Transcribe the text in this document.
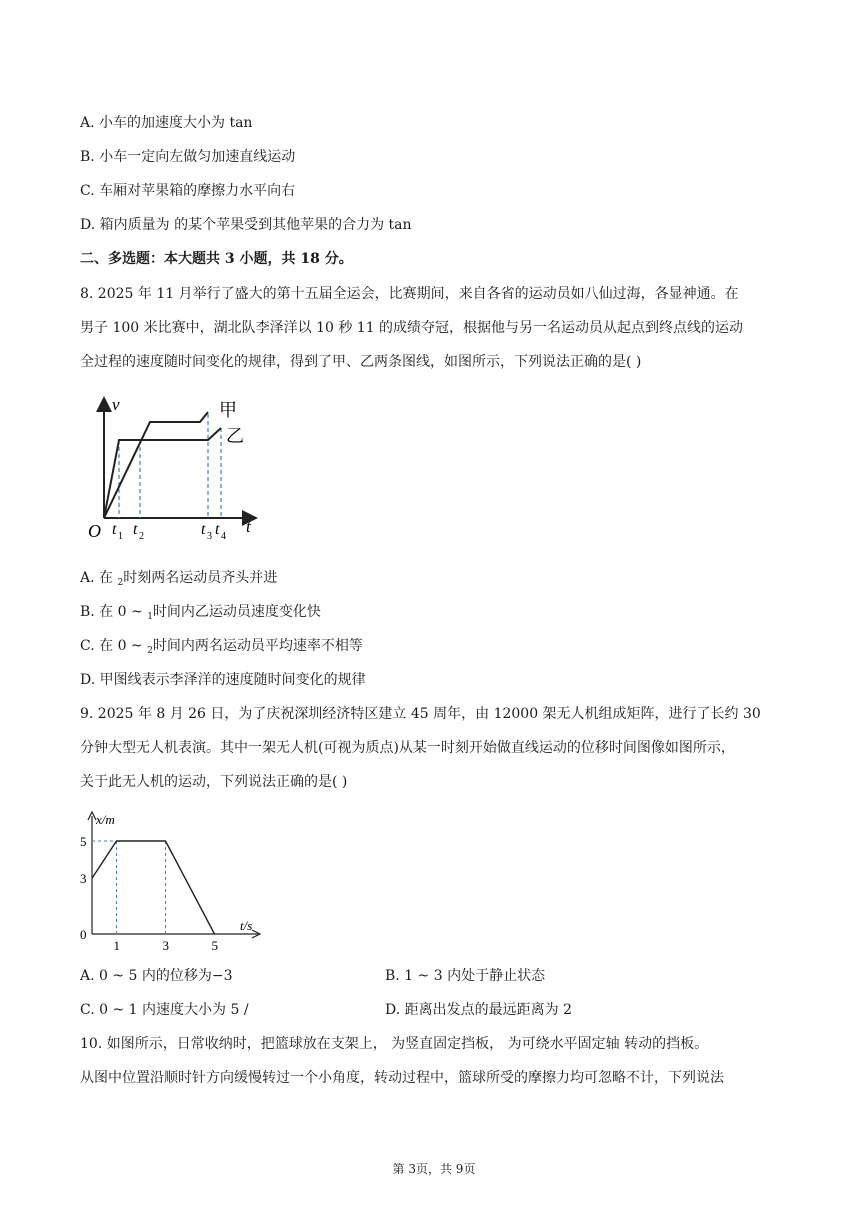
A. 小车的加速度大小为 tan
B. 小车一定向左做匀加速直线运动
C. 车厢对苹果箱的摩擦力水平向右
D. 箱内质量为 的某个苹果受到其他苹果的合力为 tan
二、多选题：本大题共 3 小题，共 18 分。
8. 2025 年 11 月举行了盛大的第十五届全运会，比赛期间，来自各省的运动员如八仙过海，各显神通。在
男子 100 米比赛中，湖北队李泽洋以 10 秒 11 的成绩夺冠，根据他与另一名运动员从起点到终点线的运动
全过程的速度随时间变化的规律，得到了甲、乙两条图线，如图所示，下列说法正确的是( )
v
t
O t 1 t 2	t 3 t 4
甲
乙
A. 在 $_2$时刻两名运动员齐头并进
B. 在 0 ~ $_1$时间内乙运动员速度变化快
C. 在 0 ~ $_2$时间内两名运动员平均速率不相等
D. 甲图线表示李泽洋的速度随时间变化的规律
9. 2025 年 8 月 26 日，为了庆祝深圳经济特区建立 45 周年，由 12000 架无人机组成矩阵，进行了长约 30
分钟大型无人机表演。其中一架无人机(可视为质点)从某一时刻开始做直线运动的位移时间图像如图所示，
关于此无人机的运动，下列说法正确的是( )
x/m
t/s
0
3
5
1	3	5
A. 0 ~ 5 内的位移为−3	B. 1 ~ 3 内处于静止状态
C. 0 ~ 1 内速度大小为 5 /	D. 距离出发点的最远距离为 2
10. 如图所示，日常收纳时，把篮球放在支架上， 为竖直固定挡板， 为可绕水平固定轴 转动的挡板。
从图中位置沿顺时针方向缓慢转过一个小角度，转动过程中，篮球所受的摩擦力均可忽略不计，下列说法
第 3页，共 9页
